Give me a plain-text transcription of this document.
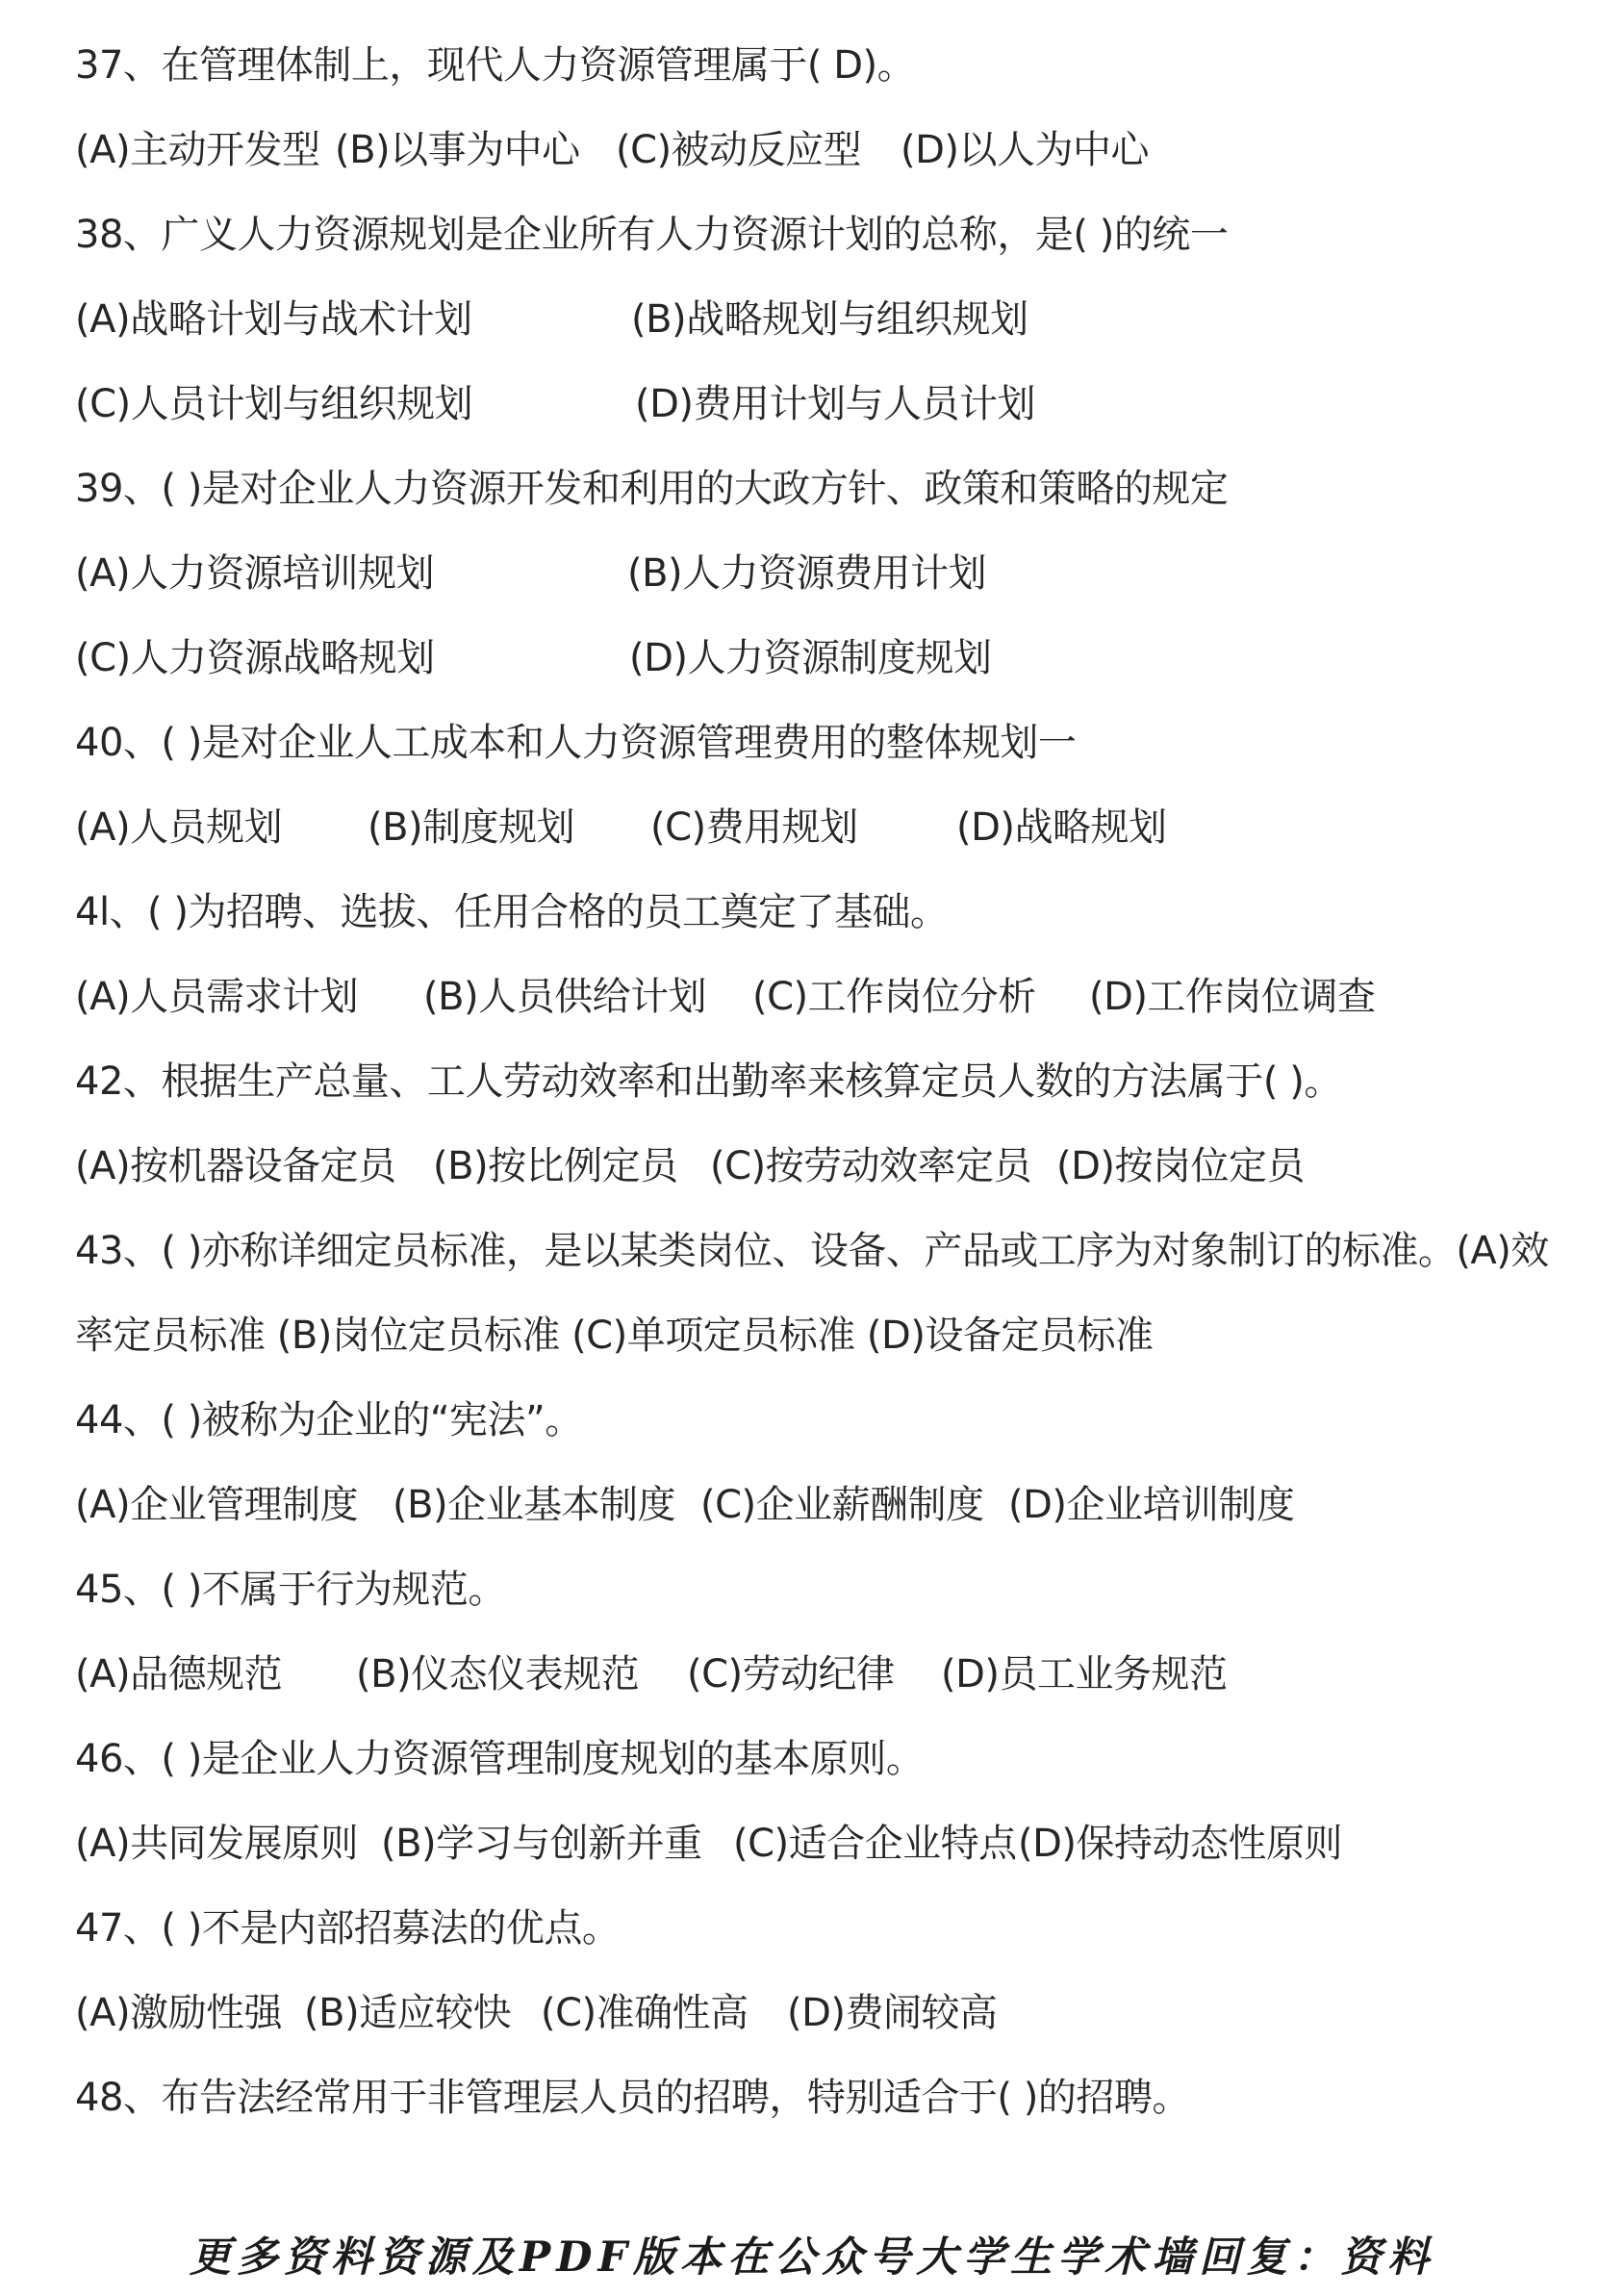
37、在管理体制上，现代人力资源管理属于( D)。
(A)主动开发型 (B)以事为中心 (C)被动反应型	(D)以人为中心
38、广义人力资源规划是企业所有人力资源计划的总称，是( )的统一
(A)战略计划与战术计划	(B)战略规划与组织规划
(C)人员计划与组织规划	(D)费用计划与人员计划
39、( )是对企业人力资源开发和利用的大政方针、政策和策略的规定
(A)人力资源培训规划	(B)人力资源费用计划
(C)人力资源战略规划	(D)人力资源制度规划
40、( )是对企业人工成本和人力资源管理费用的整体规划一
(A)人员规划	(B)制度规划	(C)费用规划	(D)战略规划
4l、( )为招聘、选拔、任用合格的员工奠定了基础。
(A)人员需求计划	(B)人员供给计划	(C)工作岗位分析	(D)工作岗位调查
42、根据生产总量、工人劳动效率和出勤率来核算定员人数的方法属于( )。
(A)按机器设备定员 (B)按比例定员 (C)按劳动效率定员 (D)按岗位定员
43、( )亦称详细定员标准，是以某类岗位、设备、产品或工序为对象制订的标准。(A)效
率定员标准 (B)岗位定员标准 (C)单项定员标准 (D)设备定员标准
44、( )被称为企业的“宪法”。
(A)企业管理制度 (B)企业基本制度 (C)企业薪酬制度 (D)企业培训制度
45、( )不属于行为规范。
(A)品德规范	(B)仪态仪表规范	(C)劳动纪律	(D)员工业务规范
46、( )是企业人力资源管理制度规划的基本原则。
(A)共同发展原则 (B)学习与创新并重 (C)适合企业特点 (D)保持动态性原则
47、( )不是内部招募法的优点。
(A)激励性强 (B)适应较快 (C)准确性高	(D)费闹较高
48、布告法经常用于非管理层人员的招聘，特别适合于( )的招聘。
更多资料资源及PDF版本在公众号大学生学术墙回复：资料
